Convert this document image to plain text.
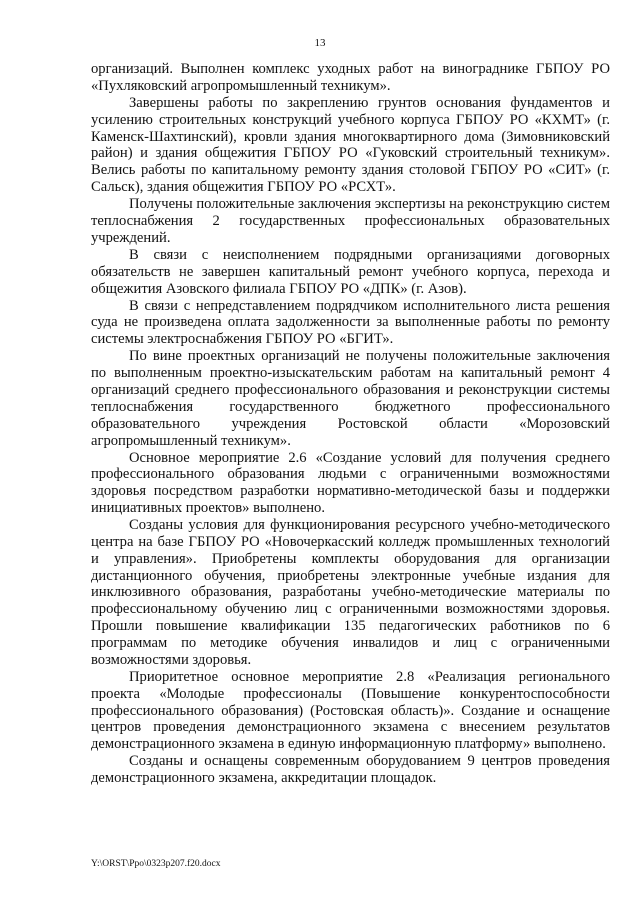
13

организаций. Выполнен комплекс уходных работ на винограднике ГБПОУ РО «Пухляковский агропромышленный техникум».

Завершены работы по закреплению грунтов основания фундаментов и усилению строительных конструкций учебного корпуса ГБПОУ РО «КХМТ» (г. Каменск-Шахтинский), кровли здания многоквартирного дома (Зимовниковский район) и здания общежития ГБПОУ РО «Гуковский строительный техникум». Велись работы по капитальному ремонту здания столовой ГБПОУ РО «СИТ» (г. Сальск), здания общежития ГБПОУ РО «РСХТ».

Получены положительные заключения экспертизы на реконструкцию систем теплоснабжения 2 государственных профессиональных образовательных учреждений.

В связи с неисполнением подрядными организациями договорных обязательств не завершен капитальный ремонт учебного корпуса, перехода и общежития Азовского филиала ГБПОУ РО «ДПК» (г. Азов).

В связи с непредставлением подрядчиком исполнительного листа решения суда не произведена оплата задолженности за выполненные работы по ремонту системы электроснабжения ГБПОУ РО «БГИТ».

По вине проектных организаций не получены положительные заключения по выполненным проектно-изыскательским работам на капитальный ремонт 4 организаций среднего профессионального образования и реконструкции системы теплоснабжения государственного бюджетного профессионального образовательного учреждения Ростовской области «Морозовский агропромышленный техникум».

Основное мероприятие 2.6 «Создание условий для получения среднего профессионального образования людьми с ограниченными возможностями здоровья посредством разработки нормативно-методической базы и поддержки инициативных проектов» выполнено.

Созданы условия для функционирования ресурсного учебно-методического центра на базе ГБПОУ РО «Новочеркасский колледж промышленных технологий и управления». Приобретены комплекты оборудования для организации дистанционного обучения, приобретены электронные учебные издания для инклюзивного образования, разработаны учебно-методические материалы по профессиональному обучению лиц с ограниченными возможностями здоровья. Прошли повышение квалификации 135 педагогических работников по 6 программам по методике обучения инвалидов и лиц с ограниченными возможностями здоровья.

Приоритетное основное мероприятие 2.8 «Реализация регионального проекта «Молодые профессионалы (Повышение конкурентоспособности профессионального образования) (Ростовская область)». Создание и оснащение центров проведения демонстрационного экзамена с внесением результатов демонстрационного экзамена в единую информационную платформу» выполнено.

Созданы и оснащены современным оборудованием 9 центров проведения демонстрационного экзамена, аккредитации площадок.

Y:\ORST\Ppo\0323p207.f20.docx
